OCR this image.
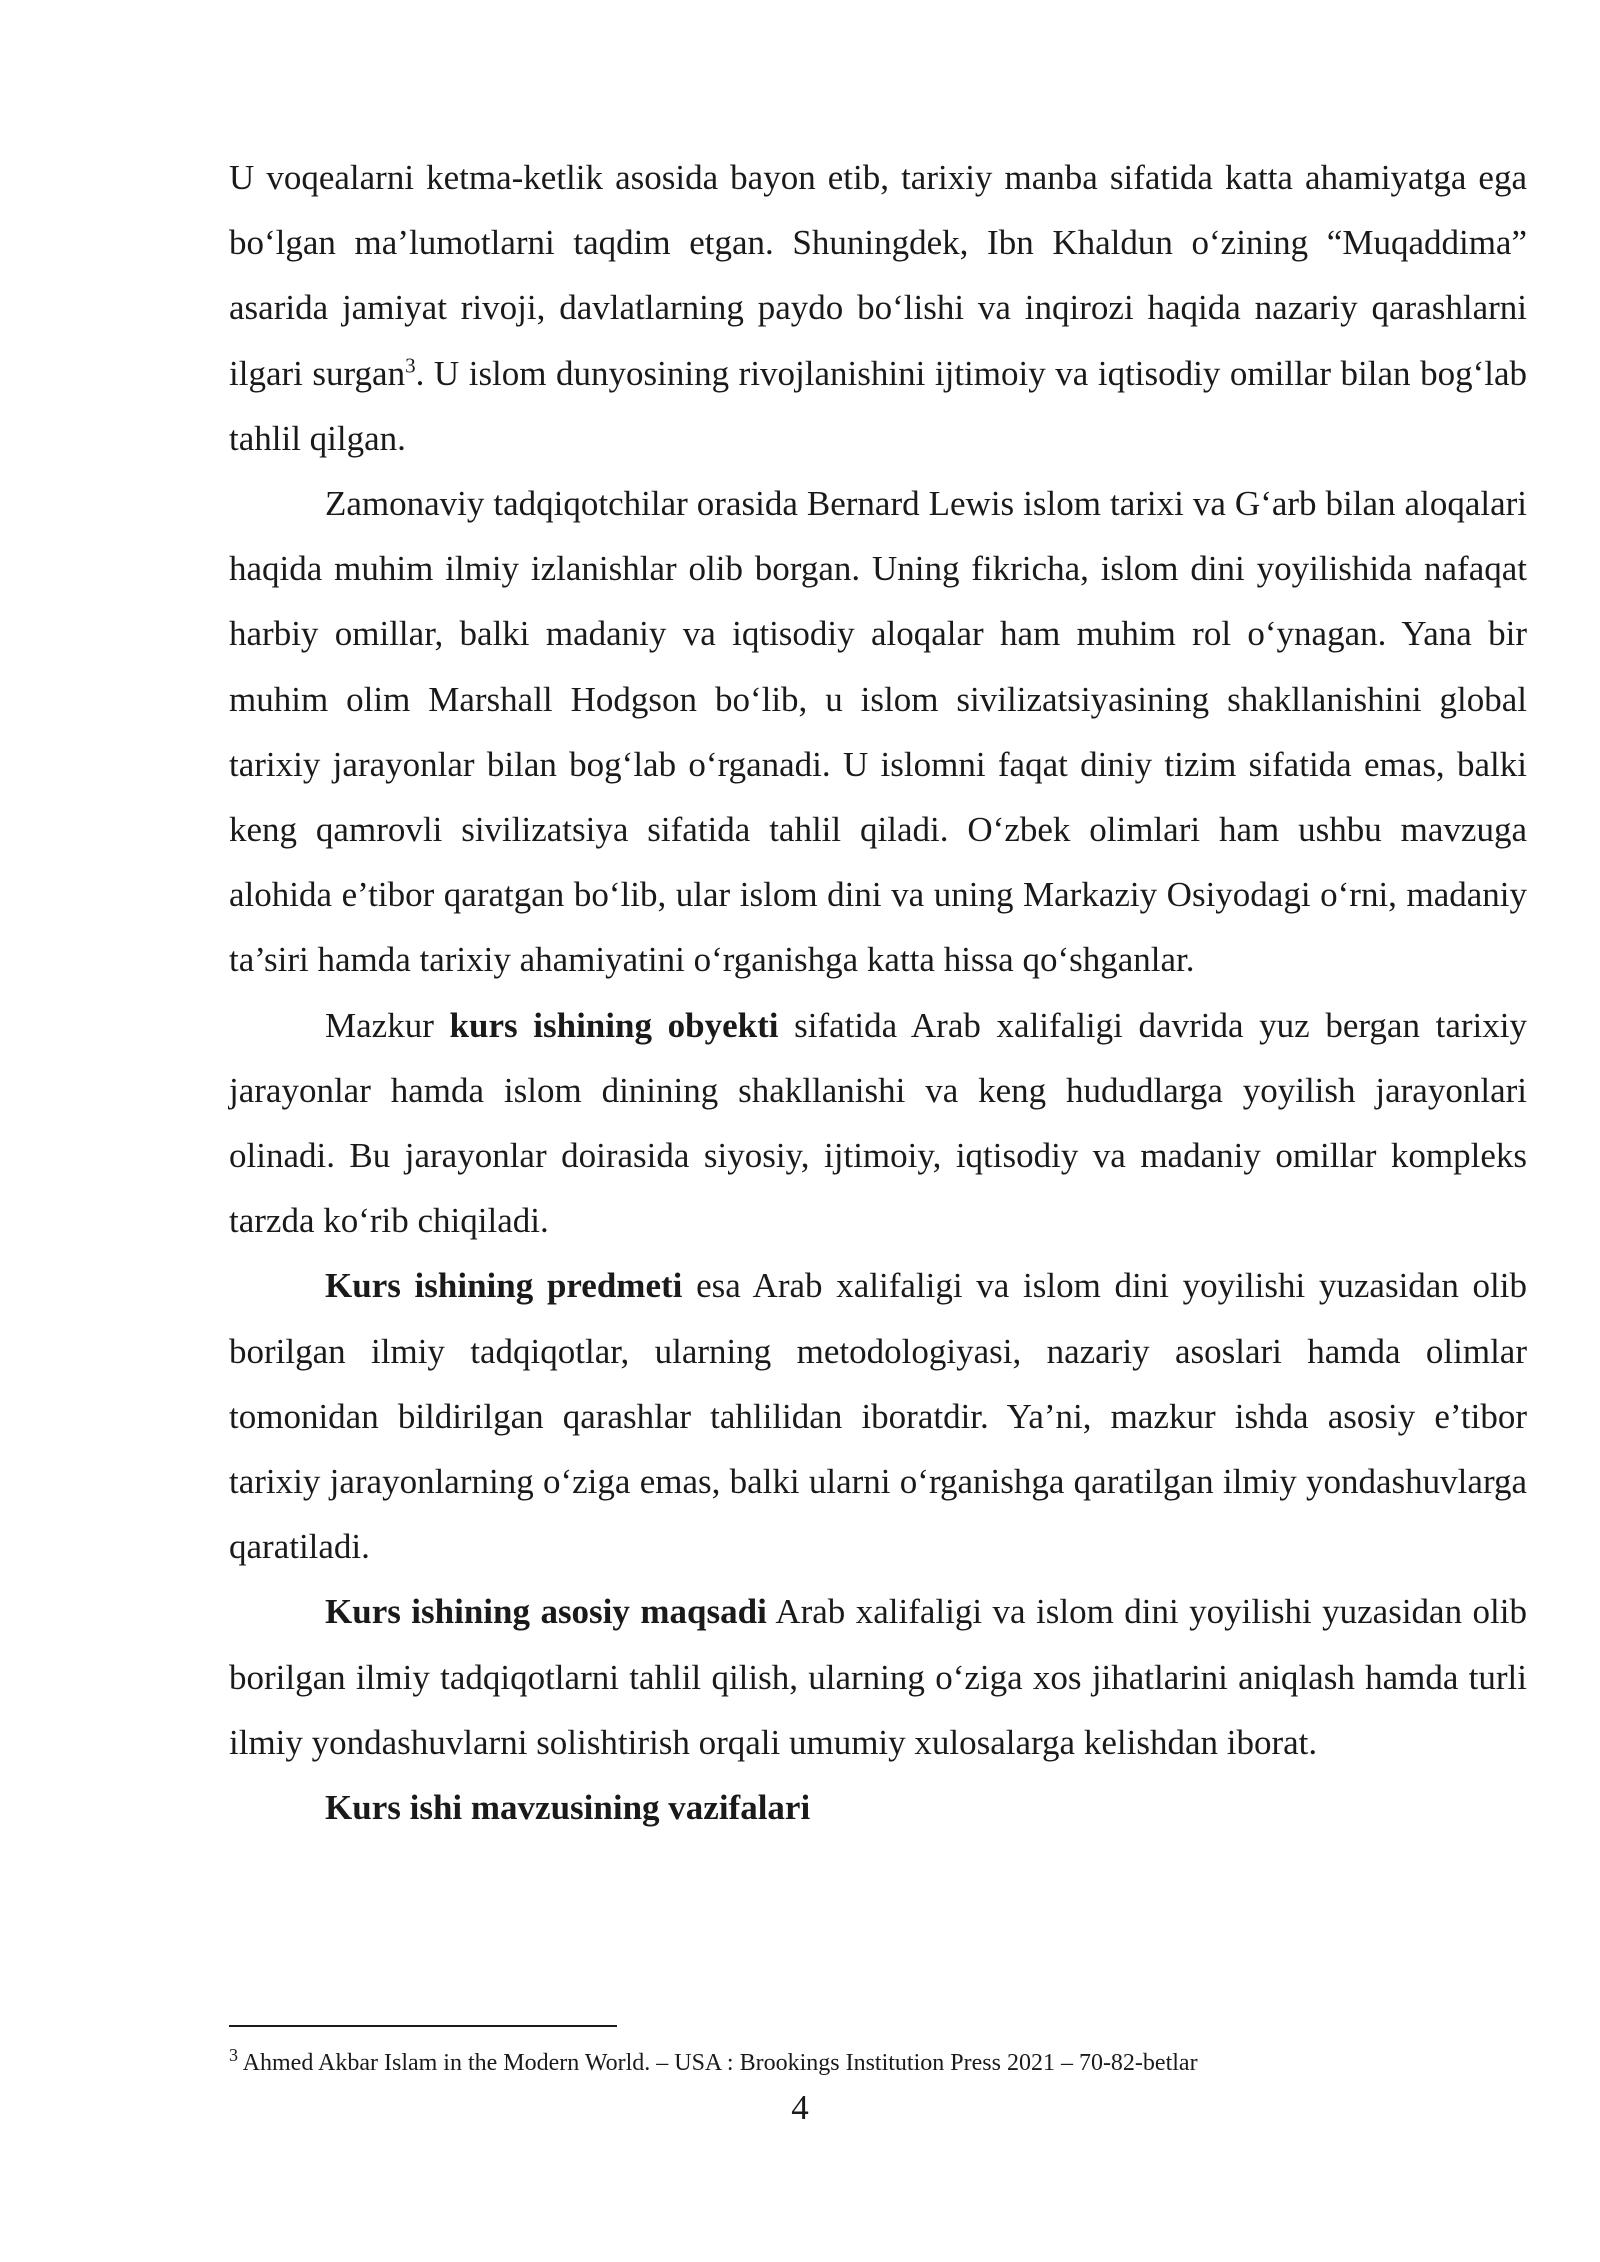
U voqealarni ketma-ketlik asosida bayon etib, tarixiy manba sifatida katta ahamiyatga ega bo‘lgan ma’lumotlarni taqdim etgan. Shuningdek, Ibn Khaldun o‘zining “Muqaddima” asarida jamiyat rivoji, davlatlarning paydo bo‘lishi va inqirozi haqida nazariy qarashlarni ilgari surgan$^3$. U islom dunyosining rivojlanishini ijtimoiy va iqtisodiy omillar bilan bog‘lab tahlil qilgan.

Zamonaviy tadqiqotchilar orasida Bernard Lewis islom tarixi va G‘arb bilan aloqalari haqida muhim ilmiy izlanishlar olib borgan. Uning fikricha, islom dini yoyilishida nafaqat harbiy omillar, balki madaniy va iqtisodiy aloqalar ham muhim rol o‘ynagan. Yana bir muhim olim Marshall Hodgson bo‘lib, u islom sivilizatsiyasining shakllanishini global tarixiy jarayonlar bilan bog‘lab o‘rganadi. U islomni faqat diniy tizim sifatida emas, balki keng qamrovli sivilizatsiya sifatida tahlil qiladi. O‘zbek olimlari ham ushbu mavzuga alohida e’tibor qaratgan bo‘lib, ular islom dini va uning Markaziy Osiyodagi o‘rni, madaniy ta’siri hamda tarixiy ahamiyatini o‘rganishga katta hissa qo‘shganlar.

Mazkur kurs ishining obyekti sifatida Arab xalifaligi davrida yuz bergan tarixiy jarayonlar hamda islom dinining shakllanishi va keng hududlarga yoyilish jarayonlari olinadi. Bu jarayonlar doirasida siyosiy, ijtimoiy, iqtisodiy va madaniy omillar kompleks tarzda ko‘rib chiqiladi.

Kurs ishining predmeti esa Arab xalifaligi va islom dini yoyilishi yuzasidan olib borilgan ilmiy tadqiqotlar, ularning metodologiyasi, nazariy asoslari hamda olimlar tomonidan bildirilgan qarashlar tahlilidan iboratdir. Ya’ni, mazkur ishda asosiy e’tibor tarixiy jarayonlarning o‘ziga emas, balki ularni o‘rganishga qaratilgan ilmiy yondashuvlarga qaratiladi.

Kurs ishining asosiy maqsadi Arab xalifaligi va islom dini yoyilishi yuzasidan olib borilgan ilmiy tadqiqotlarni tahlil qilish, ularning o‘ziga xos jihatlarini aniqlash hamda turli ilmiy yondashuvlarni solishtirish orqali umumiy xulosalarga kelishdan iborat.

Kurs ishi mavzusining vazifalari

$^3$ Ahmed Akbar Islam in the Modern World. – USA : Brookings Institution Press 2021 – 70-82-betlar
4
